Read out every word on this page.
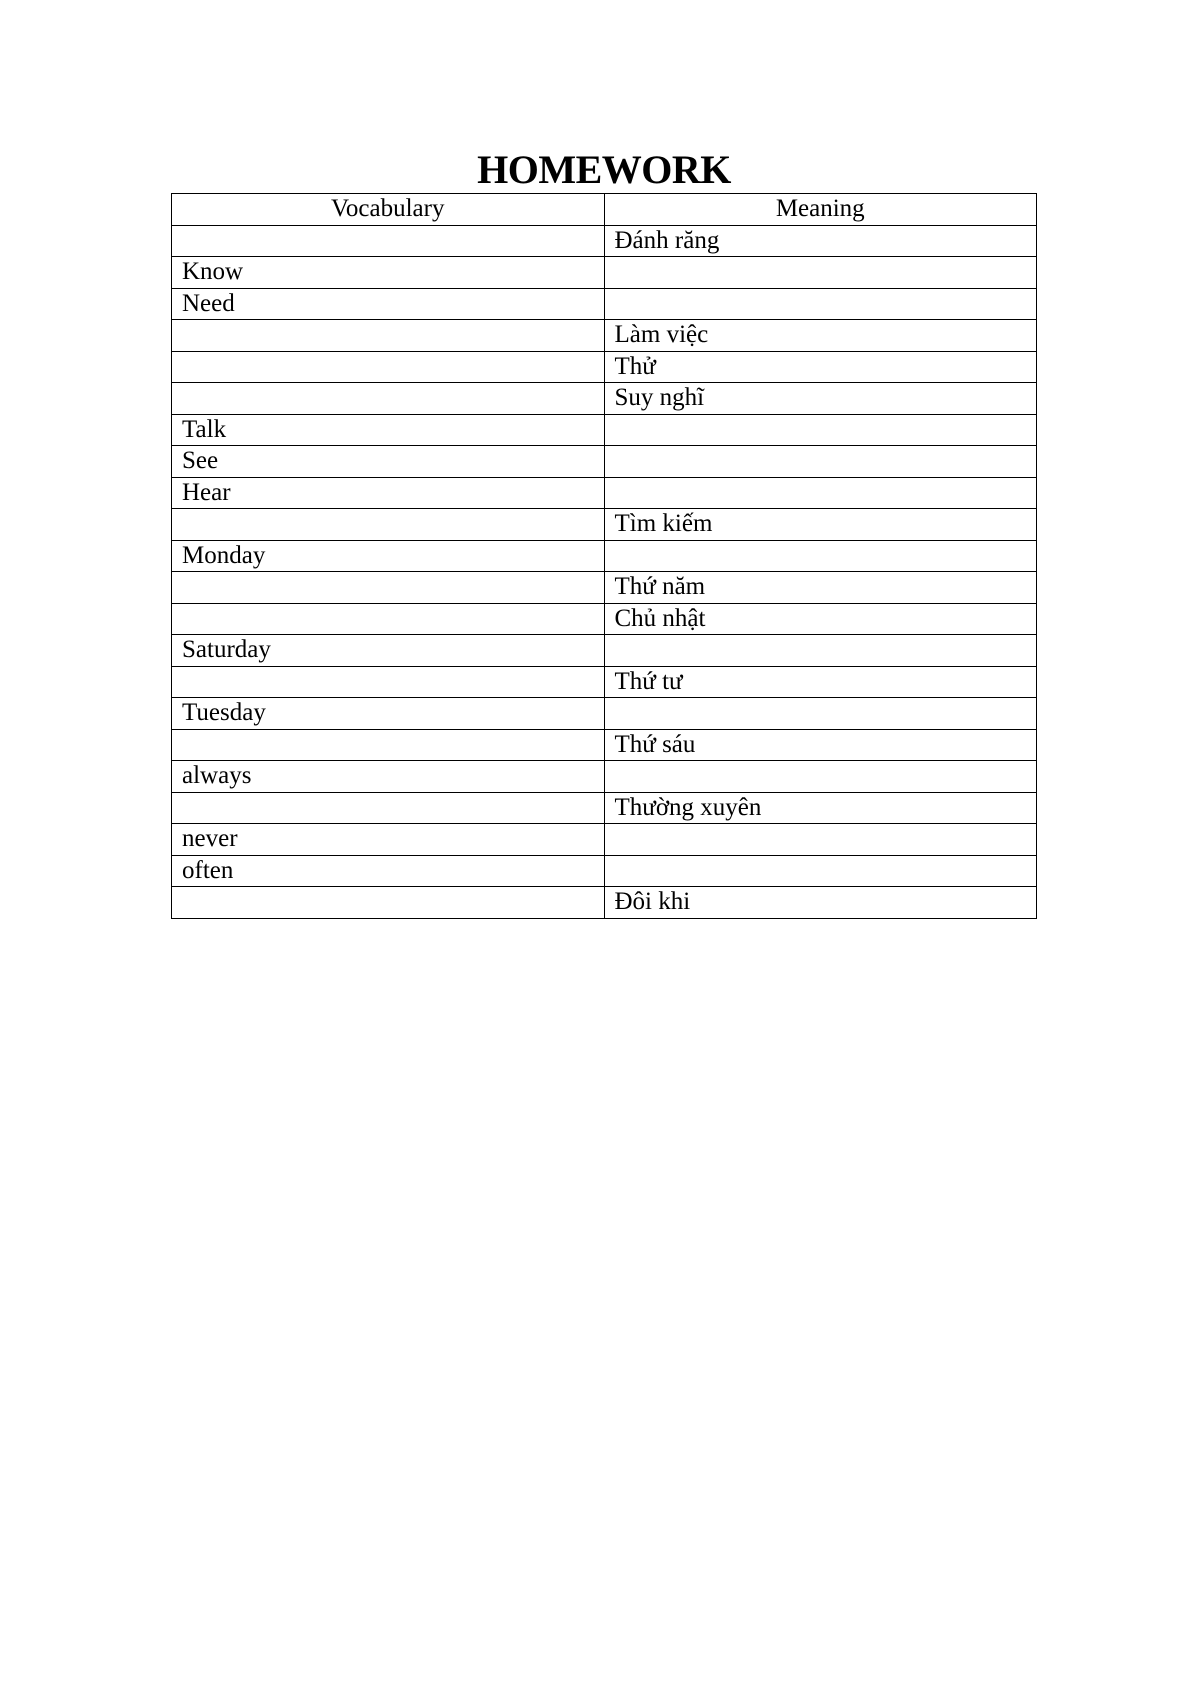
HOMEWORK
Vocabulary	Meaning
	Đánh răng
Know	
Need	
	Làm việc
	Thử
	Suy nghĩ
Talk	
See	
Hear	
	Tìm kiếm
Monday	
	Thứ năm
	Chủ nhật
Saturday	
	Thứ tư
Tuesday	
	Thứ sáu
always	
	Thường xuyên
never	
often	
	Đôi khi
